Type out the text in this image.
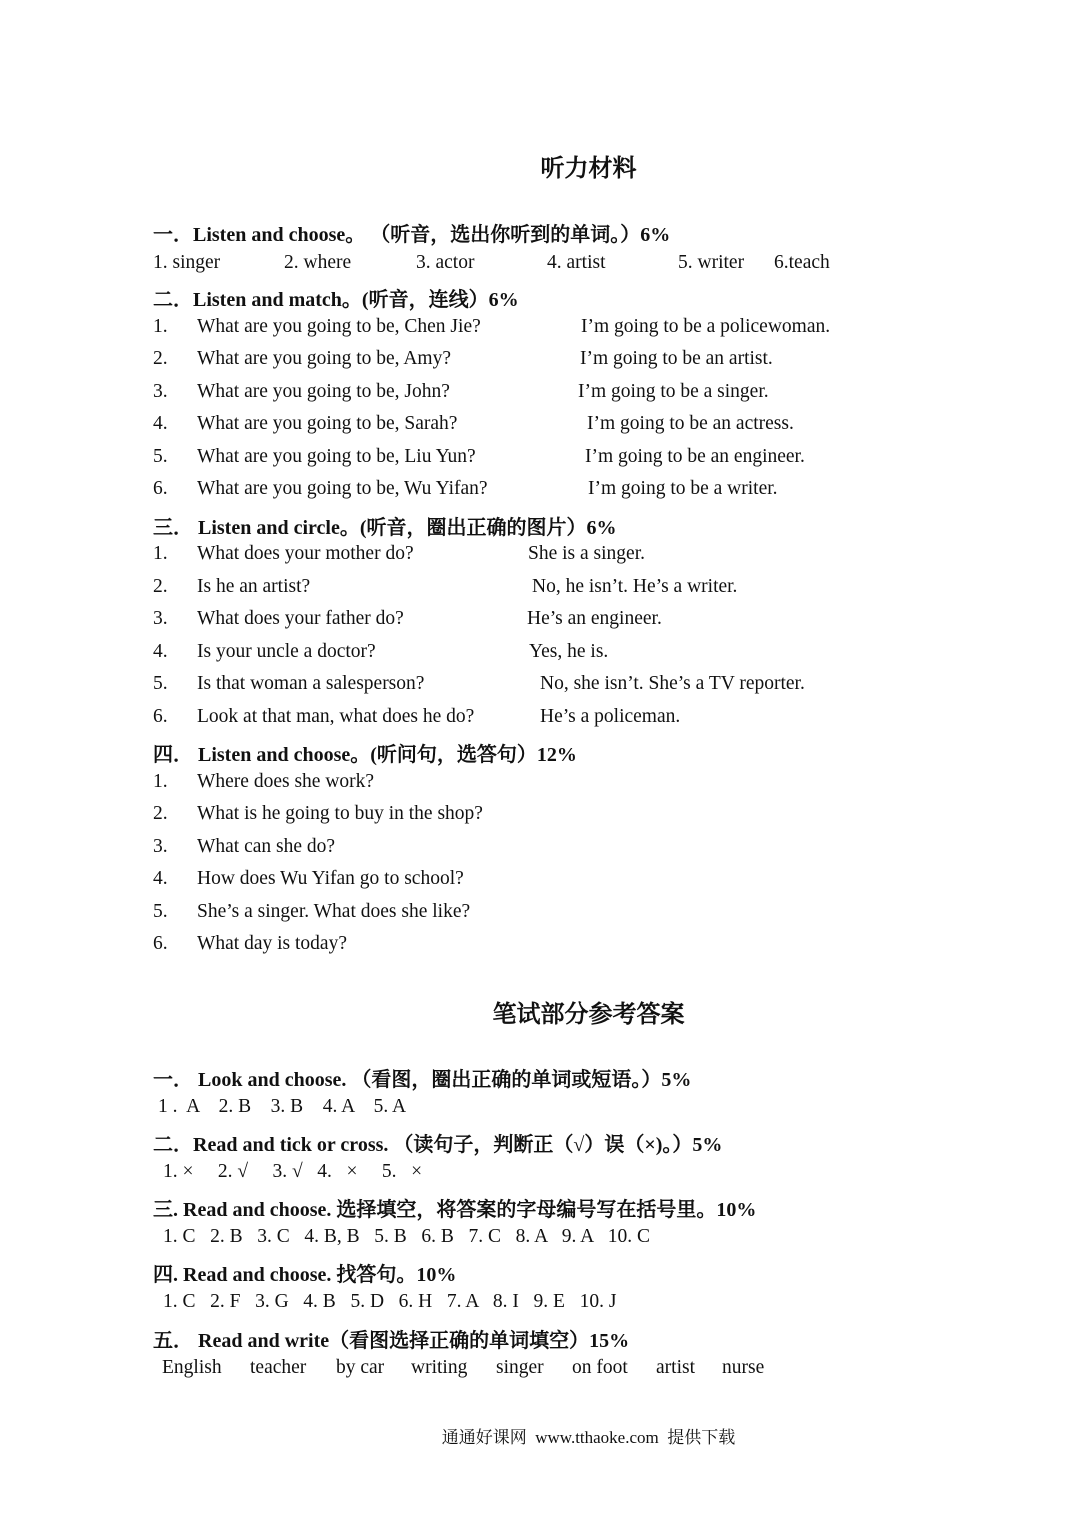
听力材料
一．Listen and choose。 （听音，选出你听到的单词。）6%
1. singer	2. where	3. actor	4. artist	5. writer 6.teach
二．Listen and match。(听音，连线）6%
1. What are you going to be, Chen Jie?	I’m going to be a policewoman.
2. What are you going to be, Amy?	I’m going to be an artist.
3. What are you going to be, John?	I’m going to be a singer.
4. What are you going to be, Sarah?	I’m going to be an actress.
5. What are you going to be, Liu Yun?	I’m going to be an engineer.
6. What are you going to be, Wu Yifan?	I’m going to be a writer.
三． Listen and circle。(听音，圈出正确的图片）6%
1. What does your mother do?	She is a singer.
2. Is he an artist?	No, he isn’t. He’s a writer.
3. What does your father do?	He’s an engineer.
4. Is your uncle a doctor?	Yes, he is.
5. Is that woman a salesperson?	No, she isn’t. She’s a TV reporter.
6. Look at that man, what does he do?	He’s a policeman.
四． Listen and choose。(听问句，选答句）12%
1. Where does she work?
2. What is he going to buy in the shop?
3. What can she do?
4. How does Wu Yifan go to school?
5. She’s a singer. What does she like?
6. What day is today?
笔试部分参考答案
一． Look and choose. （看图，圈出正确的单词或短语。）5%
1 .  A    2. B    3. B    4. A    5. A
二．Read and tick or cross. （读句子，判断正（√）误（×)。）5%
1. ×     2. √     3. √   4.   ×     5.   ×
三. Read and choose. 选择填空，将答案的字母编号写在括号里。10%
1. C   2. B   3. C   4. B, B   5. B   6. B   7. C   8. A   9. A   10. C
四. Read and choose. 找答句。10%
1. C   2. F   3. G   4. B   5. D   6. H   7. A   8. I   9. E   10. J
五． Read and write（看图选择正确的单词填空）15%
English teacher by car writing singer on foot artist nurse
通通好课网  www.tthaoke.com  提供下载
